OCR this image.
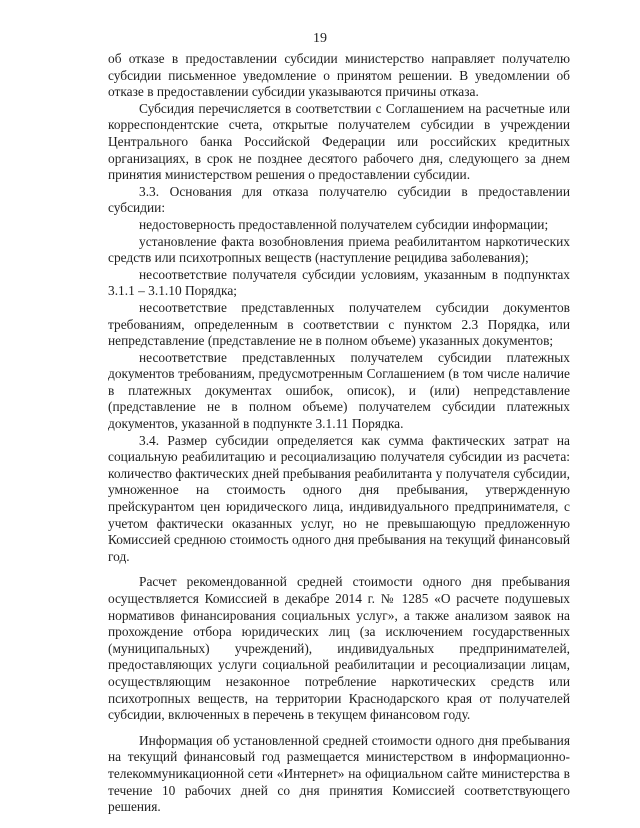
19

об отказе в предоставлении субсидии министерство направляет получателю субсидии письменное уведомление о принятом решении. В уведомлении об отказе в предоставлении субсидии указываются причины отказа.

Субсидия перечисляется в соответствии с Соглашением на расчетные или корреспондентские счета, открытые получателем субсидии в учреждении Центрального банка Российской Федерации или российских кредитных организациях, в срок не позднее десятого рабочего дня, следующего за днем принятия министерством решения о предоставлении субсидии.

3.3. Основания для отказа получателю субсидии в предоставлении субсидии:

недостоверность предоставленной получателем субсидии информации;

установление факта возобновления приема реабилитантом наркотических средств или психотропных веществ (наступление рецидива заболевания);

несоответствие получателя субсидии условиям, указанным в подпунктах 3.1.1 – 3.1.10 Порядка;

несоответствие представленных получателем субсидии документов требованиям, определенным в соответствии с пунктом 2.3 Порядка, или непредставление (представление не в полном объеме) указанных документов;

несоответствие представленных получателем субсидии платежных документов требованиям, предусмотренным Соглашением (в том числе наличие в платежных документах ошибок, описок), и (или) непредставление (представление не в полном объеме) получателем субсидии платежных документов, указанной в подпункте 3.1.11 Порядка.

3.4. Размер субсидии определяется как сумма фактических затрат на социальную реабилитацию и ресоциализацию получателя субсидии из расчета: количество фактических дней пребывания реабилитанта у получателя субсидии, умноженное на стоимость одного дня пребывания, утвержденную прейскурантом цен юридического лица, индивидуального предпринимателя, с учетом фактически оказанных услуг, но не превышающую предложенную Комиссией среднюю стоимость одного дня пребывания на текущий финансовый год.

Расчет рекомендованной средней стоимости одного дня пребывания осуществляется Комиссией в декабре 2014 г. № 1285 «О расчете подушевых нормативов финансирования социальных услуг», а также анализом заявок на прохождение отбора юридических лиц (за исключением государственных (муниципальных) учреждений), индивидуальных предпринимателей, предоставляющих услуги социальной реабилитации и ресоциализации лицам, осуществляющим незаконное потребление наркотических средств или психотропных веществ, на территории Краснодарского края от получателей субсидии, включенных в перечень в текущем финансовом году.

Информация об установленной средней стоимости одного дня пребывания на текущий финансовый год размещается министерством в информационно-телекоммуникационной сети «Интернет» на официальном сайте министерства в течение 10 рабочих дней со дня принятия Комиссией соответствующего решения.
